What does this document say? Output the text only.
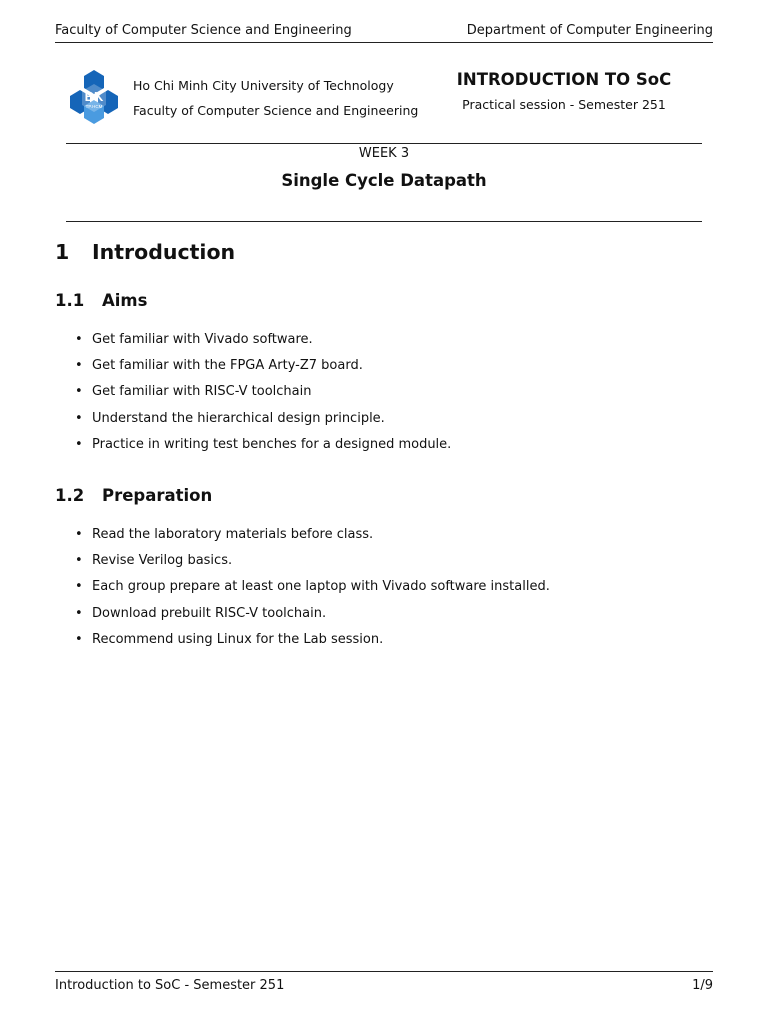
Faculty of Computer Science and Engineering	Department of Computer Engineering
BK
TP.HCM
Ho Chi Minh City University of Technology
Faculty of Computer Science and Engineering
INTRODUCTION TO SoC
Practical session - Semester 251
WEEK 3
Single Cycle Datapath
1 Introduction
1.1 Aims
• Get familiar with Vivado software.
• Get familiar with the FPGA Arty-Z7 board.
• Get familiar with RISC-V toolchain
• Understand the hierarchical design principle.
• Practice in writing test benches for a designed module.
1.2 Preparation
• Read the laboratory materials before class.
• Revise Verilog basics.
• Each group prepare at least one laptop with Vivado software installed.
• Download prebuilt RISC-V toolchain.
• Recommend using Linux for the Lab session.
Introduction to SoC - Semester 251	1/9
